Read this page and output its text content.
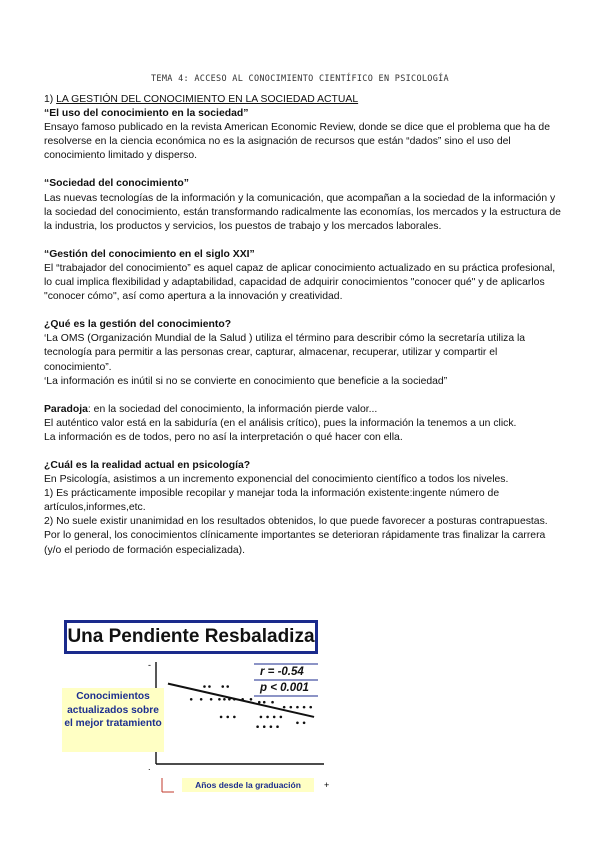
TEMA 4: ACCESO AL CONOCIMIENTO CIENTÍFICO EN PSICOLOGÍA

1) LA GESTIÓN DEL CONOCIMIENTO EN LA SOCIEDAD ACTUAL

“El uso del conocimiento en la sociedad”

Ensayo famoso publicado en la revista American Economic Review, donde se dice que el problema que ha de resolverse en la ciencia económica no es la asignación de recursos que están “dados” sino el uso del conocimiento limitado y disperso.

“Sociedad del conocimiento”

Las nuevas tecnologías de la información y la comunicación, que acompañan a la sociedad de la información y la sociedad del conocimiento, están transformando radicalmente las economías, los mercados y la estructura de la industria, los productos y servicios, los puestos de trabajo y los mercados laborales.

“Gestión del conocimiento en el siglo XXI”

El “trabajador del conocimiento” es aquel capaz de aplicar conocimiento actualizado en su práctica profesional, lo cual implica flexibilidad y adaptabilidad, capacidad de adquirir conocimientos "conocer qué" y de aplicarlos "conocer cómo", así como apertura a la innovación y creatividad.

¿Qué es la gestión del conocimiento?

‘La OMS (Organización Mundial de la Salud ) utiliza el término para describir cómo la secretaría utiliza la tecnología para permitir a las personas crear, capturar, almacenar, recuperar, utilizar y compartir el conocimiento”.

‘La información es inútil si no se convierte en conocimiento que beneficie a la sociedad”

Paradoja: en la sociedad del conocimiento, la información pierde valor...

El auténtico valor está en la sabiduría (en el análisis crítico), pues la información la tenemos a un click.

La información es de todos, pero no así la interpretación o qué hacer con ella.

¿Cuál es la realidad actual en psicología?

En Psicología, asistimos a un incremento exponencial del conocimiento científico a todos los niveles.

1) Es prácticamente imposible recopilar y manejar toda la información existente:ingente número de artículos,informes,etc.

2) No suele existir unanimidad en los resultados obtenidos, lo que puede favorecer a posturas contrapuestas.

Por lo general, los conocimientos clínicamente importantes se deterioran rápidamente tras finalizar la carrera (y/o el periodo de formación especializada).

Una Pendiente Resbaladiza
-
.
+
r = -0.54
p < 0.001
Conocimientos actualizados sobre el mejor tratamiento
Años desde la graduación
